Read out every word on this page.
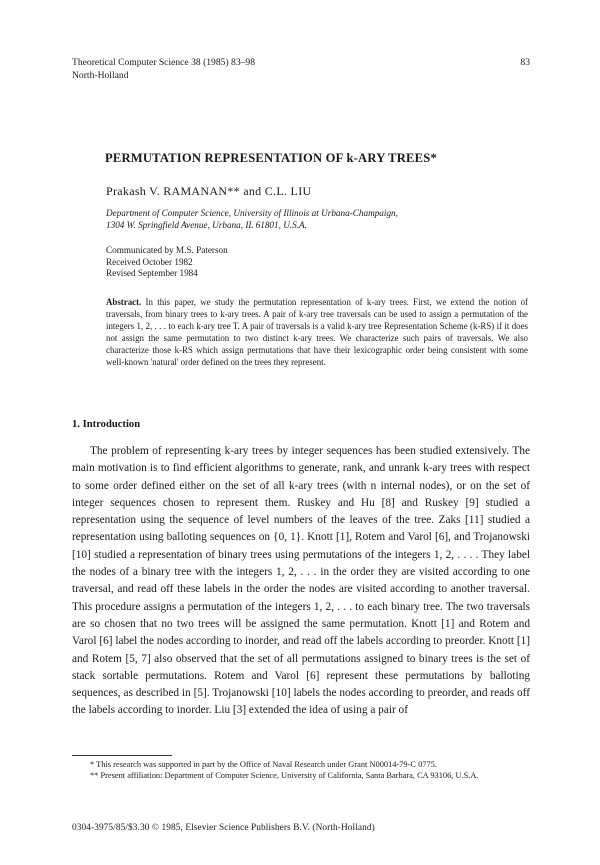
Theoretical Computer Science 38 (1985) 83–98
North-Holland
83
PERMUTATION REPRESENTATION OF k-ARY TREES*
Prakash V. RAMANAN** and C.L. LIU
Department of Computer Science, University of Illinois at Urbana-Champaign,
1304 W. Springfield Avenue, Urbana, IL 61801, U.S.A.
Communicated by M.S. Paterson
Received October 1982
Revised September 1984
Abstract. In this paper, we study the permutation representation of k-ary trees. First, we extend the notion of traversals, from binary trees to k-ary trees. A pair of k-ary tree traversals can be used to assign a permutation of the integers 1, 2, . . . to each k-ary tree T. A pair of traversals is a valid k-ary tree Representation Scheme (k-RS) if it does not assign the same permutation to two distinct k-ary trees. We characterize such pairs of traversals. We also characterize those k-RS which assign permutations that have their lexicographic order being consistent with some well-known 'natural' order defined on the trees they represent.
1. Introduction

The problem of representing k-ary trees by integer sequences has been studied extensively. The main motivation is to find efficient algorithms to generate, rank, and unrank k-ary trees with respect to some order defined either on the set of all k-ary trees (with n internal nodes), or on the set of integer sequences chosen to represent them. Ruskey and Hu [8] and Ruskey [9] studied a representation using the sequence of level numbers of the leaves of the tree. Zaks [11] studied a representation using balloting sequences on {0, 1}. Knott [1], Rotem and Varol [6], and Trojanowski [10] studied a representation of binary trees using permutations of the integers 1, 2, . . . . They label the nodes of a binary tree with the integers 1, 2, . . . in the order they are visited according to one traversal, and read off these labels in the order the nodes are visited according to another traversal. This procedure assigns a permutation of the integers 1, 2, . . . to each binary tree. The two traversals are so chosen that no two trees will be assigned the same permutation. Knott [1] and Rotem and Varol [6] label the nodes according to inorder, and read off the labels according to preorder. Knott [1] and Rotem [5, 7] also observed that the set of all permutations assigned to binary trees is the set of stack sortable permutations. Rotem and Varol [6] represent these permutations by balloting sequences, as described in [5]. Trojanowski [10] labels the nodes according to preorder, and reads off the labels according to inorder. Liu [3] extended the idea of using a pair of

* This research was supported in part by the Office of Naval Research under Grant N00014-79-C 0775.

** Present affiliation: Department of Computer Science, University of California, Santa Barbara, CA 93106, U.S.A.

0304-3975/85/$3.30 © 1985, Elsevier Science Publishers B.V. (North-Holland)
